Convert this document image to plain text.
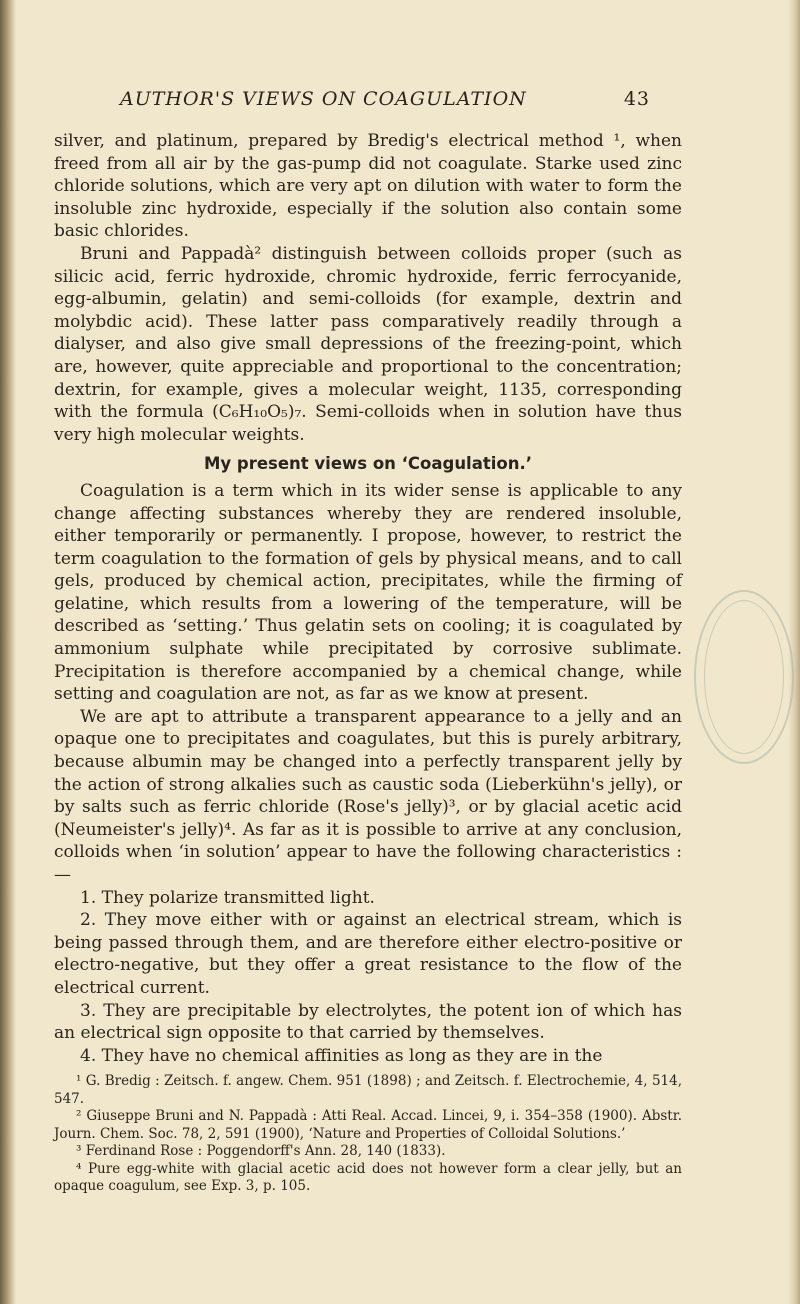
AUTHOR'S VIEWS ON COAGULATION	43

silver, and platinum, prepared by Bredig's electrical method ¹, when freed from all air by the gas-pump did not coagulate. Starke used zinc chloride solutions, which are very apt on dilution with water to form the insoluble zinc hydroxide, especially if the solution also contain some basic chlorides.

Bruni and Pappadà² distinguish between colloids proper (such as silicic acid, ferric hydroxide, chromic hydroxide, ferric ferrocyanide, egg-albumin, gelatin) and semi-colloids (for example, dextrin and molybdic acid). These latter pass comparatively readily through a dialyser, and also give small depressions of the freezing-point, which are, however, quite appreciable and proportional to the concentration; dextrin, for example, gives a molecular weight, 1135, corresponding with the formula (C₆H₁₀O₅)₇. Semi-colloids when in solution have thus very high molecular weights.

My present views on ‘Coagulation.’

Coagulation is a term which in its wider sense is applicable to any change affecting substances whereby they are rendered insoluble, either temporarily or permanently. I propose, however, to restrict the term coagulation to the formation of gels by physical means, and to call gels, produced by chemical action, precipitates, while the firming of gelatine, which results from a lowering of the temperature, will be described as ‘setting.’ Thus gelatin sets on cooling; it is coagulated by ammonium sulphate while precipitated by corrosive sublimate. Precipitation is therefore accompanied by a chemical change, while setting and coagulation are not, as far as we know at present.

We are apt to attribute a transparent appearance to a jelly and an opaque one to precipitates and coagulates, but this is purely arbitrary, because albumin may be changed into a perfectly transparent jelly by the action of strong alkalies such as caustic soda (Lieberkühn's jelly), or by salts such as ferric chloride (Rose's jelly)³, or by glacial acetic acid (Neumeister's jelly)⁴. As far as it is possible to arrive at any conclusion, colloids when ‘in solution’ appear to have the following characteristics :—

1. They polarize transmitted light.

2. They move either with or against an electrical stream, which is being passed through them, and are therefore either electro-positive or electro-negative, but they offer a great resistance to the flow of the electrical current.

3. They are precipitable by electrolytes, the potent ion of which has an electrical sign opposite to that carried by themselves.

4. They have no chemical affinities as long as they are in the

¹ G. Bredig : Zeitsch. f. angew. Chem. 951 (1898) ; and Zeitsch. f. Electrochemie, 4, 514, 547.

² Giuseppe Bruni and N. Pappadà : Atti Real. Accad. Lincei, 9, i. 354–358 (1900). Abstr. Journ. Chem. Soc. 78, 2, 591 (1900), ‘Nature and Properties of Colloidal Solutions.’

³ Ferdinand Rose : Poggendorff's Ann. 28, 140 (1833).

⁴ Pure egg-white with glacial acetic acid does not however form a clear jelly, but an opaque coagulum, see Exp. 3, p. 105.
